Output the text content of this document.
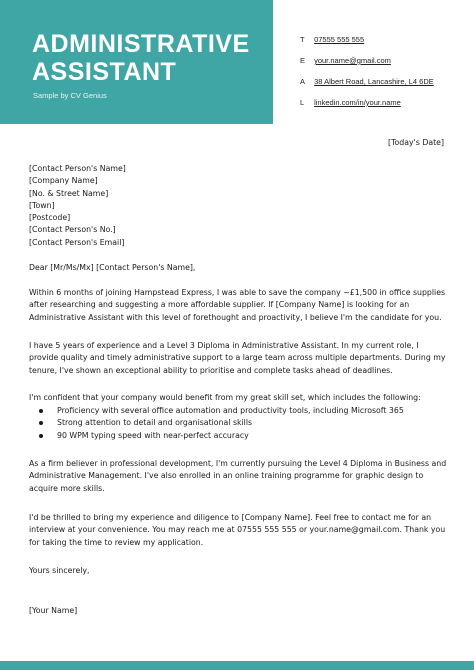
ADMINISTRATIVE
ASSISTANT
Sample by CV Genius
T 07555 555 555
E your.name@gmail.com
A 38 Albert Road, Lancashire, L4 6DE
L linkedin.com/in/your.name
[Today's Date]
[Contact Person's Name]
[Company Name]
[No. & Street Name]
[Town]
[Postcode]
[Contact Person's No.]
[Contact Person's Email]
Dear [Mr/Ms/Mx] [Contact Person's Name],
Within 6 months of joining Hampstead Express, I was able to save the company ~£1,500 in office supplies after researching and suggesting a more affordable supplier. If [Company Name] is looking for an Administrative Assistant with this level of forethought and proactivity, I believe I'm the candidate for you.
I have 5 years of experience and a Level 3 Diploma in Administrative Assistant. In my current role, I provide quality and timely administrative support to a large team across multiple departments. During my tenure, I've shown an exceptional ability to prioritise and complete tasks ahead of deadlines.
I'm confident that your company would benefit from my great skill set, which includes the following:
Proficiency with several office automation and productivity tools, including Microsoft 365
Strong attention to detail and organisational skills
90 WPM typing speed with near-perfect accuracy
As a firm believer in professional development, I'm currently pursuing the Level 4 Diploma in Business and Administrative Management. I've also enrolled in an online training programme for graphic design to acquire more skills.
I'd be thrilled to bring my experience and diligence to [Company Name]. Feel free to contact me for an interview at your convenience. You may reach me at 07555 555 555 or your.name@gmail.com. Thank you for taking the time to review my application.
Yours sincerely,
[Your Name]
